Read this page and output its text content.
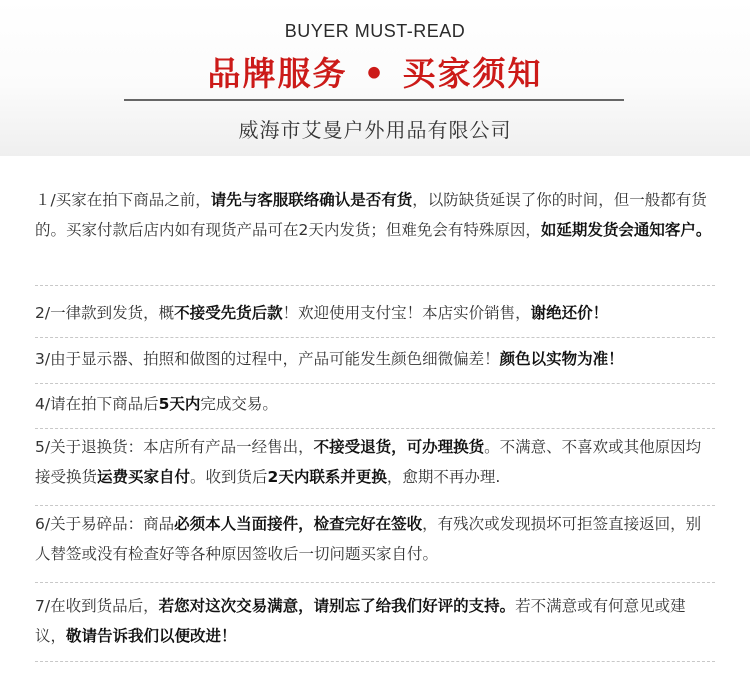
BUYER MUST-READ
品牌服务 • 买家须知
威海市艾曼户外用品有限公司
１/买家在拍下商品之前，请先与客服联络确认是否有货，以防缺货延误了你的时间，但一般都有货的。买家付款后店内如有现货产品可在2天内发货；但难免会有特殊原因，如延期发货会通知客户。
2/一律款到发货，概不接受先货后款！欢迎使用支付宝！本店实价销售，谢绝还价！
3/由于显示器、拍照和做图的过程中，产品可能发生颜色细微偏差！颜色以实物为准！
4/请在拍下商品后5天内完成交易。
5/关于退换货：本店所有产品一经售出，不接受退货，可办理换货。不满意、不喜欢或其他原因均接受换货运费买家自付。收到货后2天内联系并更换，愈期不再办理.
6/关于易碎品：商品必须本人当面接件，检查完好在签收，有残次或发现损坏可拒签直接返回，别人替签或没有检查好等各种原因签收后一切问题买家自付。
7/在收到货品后，若您对这次交易满意，请别忘了给我们好评的支持。若不满意或有何意见或建议，敬请告诉我们以便改进！
